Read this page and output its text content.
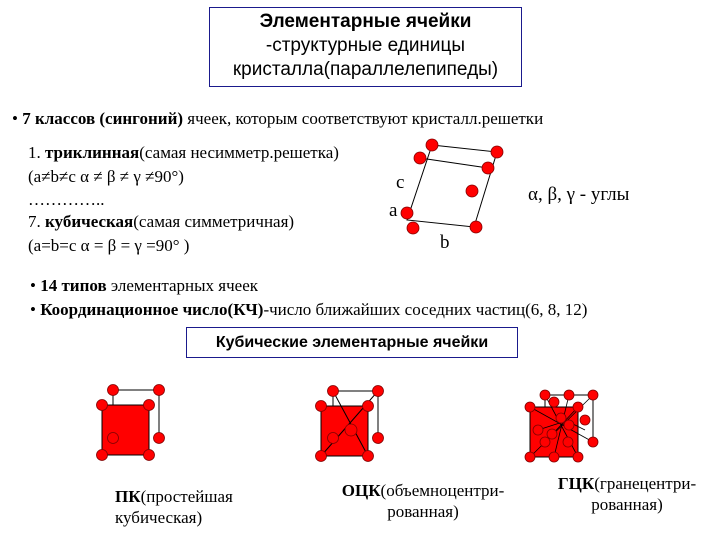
Элементарные ячейки
-структурные единицы
кристалла(параллелепипеды)
• 7 классов (сингоний) ячеек, которым соответствуют кристалл.решетки
1. триклинная(самая несимметр.решетка)
(a≠b≠c α ≠ β ≠ γ ≠90°)
…………..
7. кубическая(самая симметричная)
(a=b=c α = β = γ =90° )
c
a
b
α, β, γ - углы
• 14 типов элементарных ячеек
• Координационное число(КЧ)-число ближайших соседних частиц(6, 8, 12)
Кубические элементарные ячейки
ПК(простейшая
кубическая)
ОЦК(объемноцентри-
рованная)
ГЦК(гранецентри-
рованная)
